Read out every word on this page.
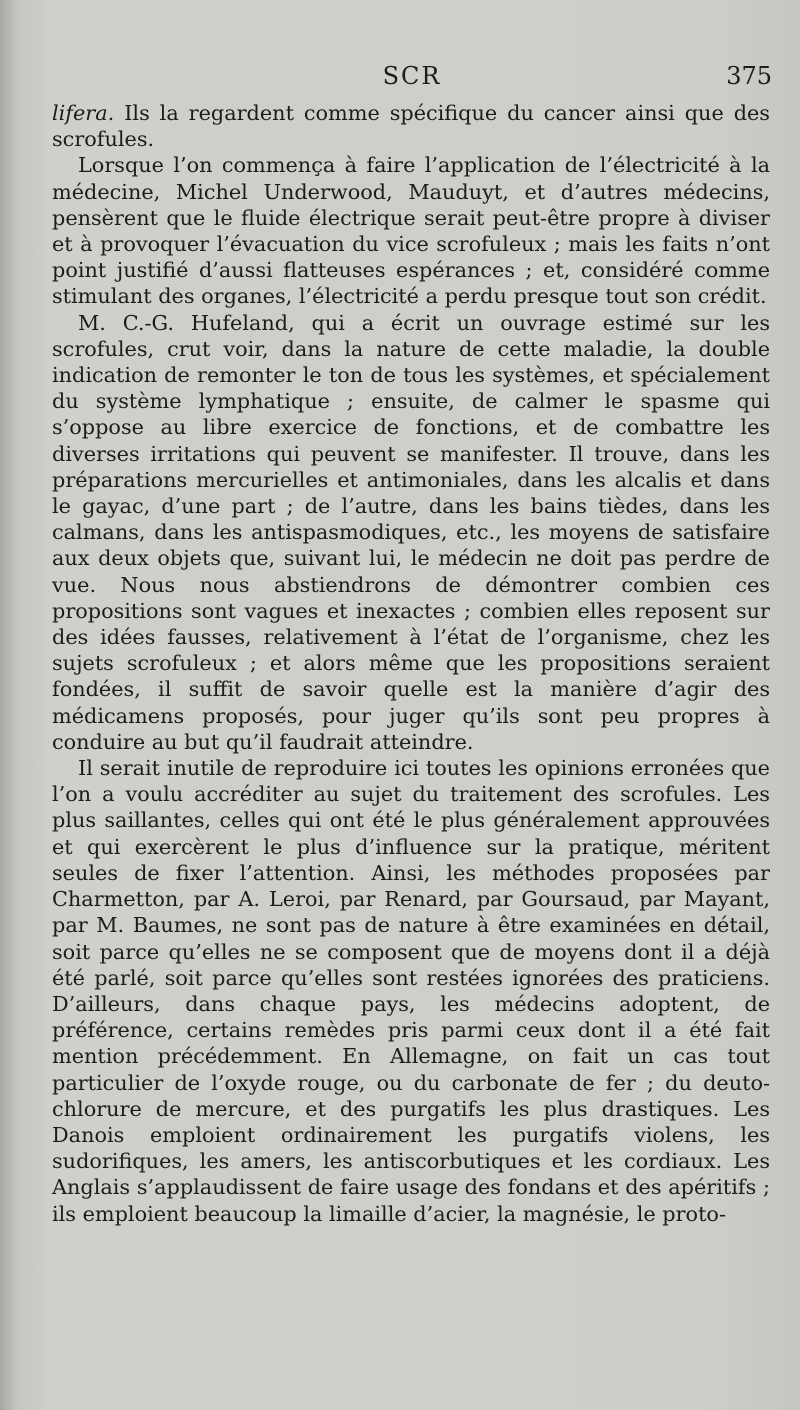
SCR	375

lifera. Ils la regardent comme spécifique du cancer ainsi que des scrofules.

Lorsque l’on commença à faire l’application de l’électricité à la médecine, Michel Underwood, Mauduyt, et d’autres médecins, pensèrent que le fluide électrique serait peut-être propre à diviser et à provoquer l’évacuation du vice scrofuleux ; mais les faits n’ont point justifié d’aussi flatteuses espérances ; et, considéré comme stimulant des organes, l’électricité a perdu presque tout son crédit.

M. C.-G. Hufeland, qui a écrit un ouvrage estimé sur les scrofules, crut voir, dans la nature de cette maladie, la double indication de remonter le ton de tous les systèmes, et spécialement du système lymphatique ; ensuite, de calmer le spasme qui s’oppose au libre exercice de fonctions, et de combattre les diverses irritations qui peuvent se manifester. Il trouve, dans les préparations mercurielles et antimoniales, dans les alcalis et dans le gayac, d’une part ; de l’autre, dans les bains tièdes, dans les calmans, dans les antispasmodiques, etc., les moyens de satisfaire aux deux objets que, suivant lui, le médecin ne doit pas perdre de vue. Nous nous abstiendrons de démontrer combien ces propositions sont vagues et inexactes ; combien elles reposent sur des idées fausses, relativement à l’état de l’organisme, chez les sujets scrofuleux ; et alors même que les propositions seraient fondées, il suffit de savoir quelle est la manière d’agir des médicamens proposés, pour juger qu’ils sont peu propres à conduire au but qu’il faudrait atteindre.

Il serait inutile de reproduire ici toutes les opinions erronées que l’on a voulu accréditer au sujet du traitement des scrofules. Les plus saillantes, celles qui ont été le plus généralement approuvées et qui exercèrent le plus d’influence sur la pratique, méritent seules de fixer l’attention. Ainsi, les méthodes proposées par Charmetton, par A. Leroi, par Renard, par Goursaud, par Mayant, par M. Baumes, ne sont pas de nature à être examinées en détail, soit parce qu’elles ne se composent que de moyens dont il a déjà été parlé, soit parce qu’elles sont restées ignorées des praticiens. D’ailleurs, dans chaque pays, les médecins adoptent, de préférence, certains remèdes pris parmi ceux dont il a été fait mention précédemment. En Allemagne, on fait un cas tout particulier de l’oxyde rouge, ou du carbonate de fer ; du deuto-chlorure de mercure, et des purgatifs les plus drastiques. Les Danois emploient ordinairement les purgatifs violens, les sudorifiques, les amers, les antiscorbutiques et les cordiaux. Les Anglais s’applaudissent de faire usage des fondans et des apéritifs ; ils emploient beaucoup la limaille d’acier, la magnésie, le proto-
